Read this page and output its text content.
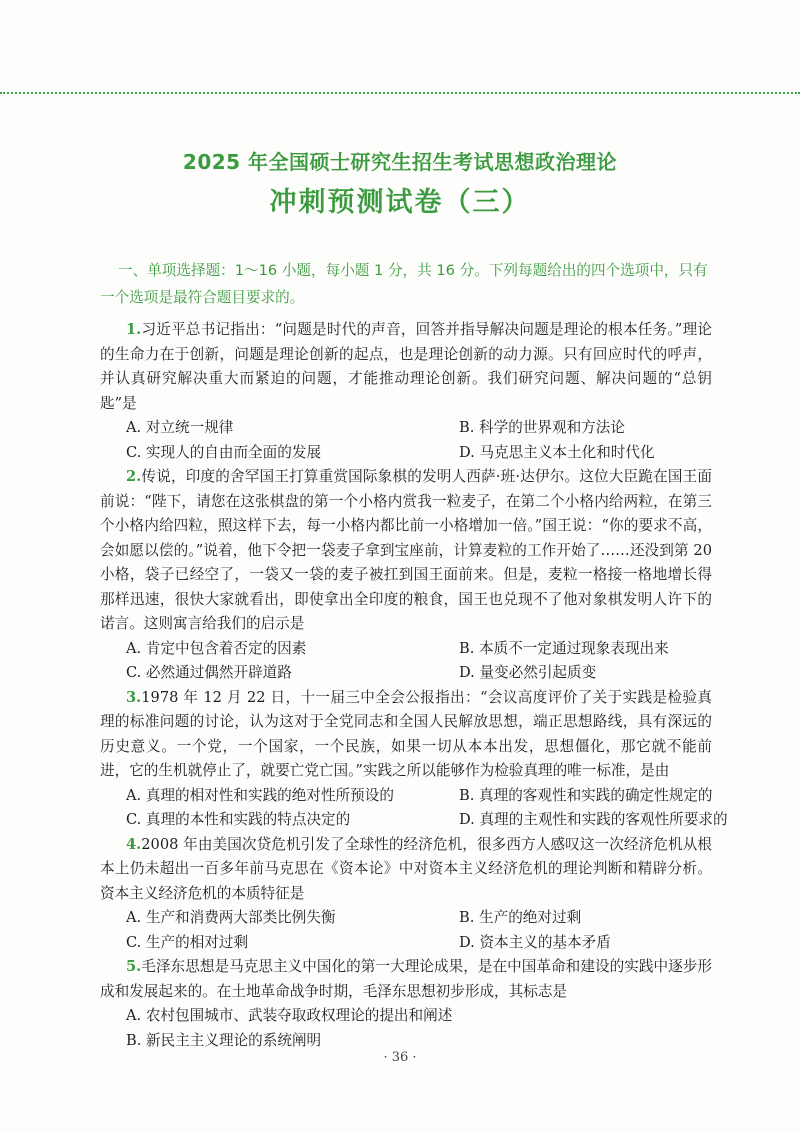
2025 年全国硕士研究生招生考试思想政治理论
冲刺预测试卷（三）
一、单项选择题：1～16 小题，每小题 1 分，共 16 分。下列每题给出的四个选项中，只有一个选项是最符合题目要求的。

1.习近平总书记指出：“问题是时代的声音，回答并指导解决问题是理论的根本任务。”理论的生命力在于创新，问题是理论创新的起点，也是理论创新的动力源。只有回应时代的呼声，并认真研究解决重大而紧迫的问题，才能推动理论创新。我们研究问题、解决问题的“总钥匙”是

A. 对立统一规律	B. 科学的世界观和方法论
C. 实现人的自由而全面的发展	D. 马克思主义本土化和时代化

2.传说，印度的舍罕国王打算重赏国际象棋的发明人西萨·班·达伊尔。这位大臣跪在国王面前说：“陛下，请您在这张棋盘的第一个小格内赏我一粒麦子，在第二个小格内给两粒，在第三个小格内给四粒，照这样下去，每一小格内都比前一小格增加一倍。”国王说：“你的要求不高，会如愿以偿的。”说着，他下令把一袋麦子拿到宝座前，计算麦粒的工作开始了……还没到第 20 小格，袋子已经空了，一袋又一袋的麦子被扛到国王面前来。但是，麦粒一格接一格地增长得那样迅速，很快大家就看出，即使拿出全印度的粮食，国王也兑现不了他对象棋发明人许下的诺言。这则寓言给我们的启示是

A. 肯定中包含着否定的因素	B. 本质不一定通过现象表现出来
C. 必然通过偶然开辟道路	D. 量变必然引起质变

3.1978 年 12 月 22 日，十一届三中全会公报指出：“会议高度评价了关于实践是检验真理的标准问题的讨论，认为这对于全党同志和全国人民解放思想，端正思想路线，具有深远的历史意义。一个党，一个国家，一个民族，如果一切从本本出发，思想僵化，那它就不能前进，它的生机就停止了，就要亡党亡国。”实践之所以能够作为检验真理的唯一标准，是由

A. 真理的相对性和实践的绝对性所预设的	B. 真理的客观性和实践的确定性规定的
C. 真理的本性和实践的特点决定的	D. 真理的主观性和实践的客观性所要求的

4.2008 年由美国次贷危机引发了全球性的经济危机，很多西方人感叹这一次经济危机从根本上仍未超出一百多年前马克思在《资本论》中对资本主义经济危机的理论判断和精辟分析。资本主义经济危机的本质特征是

A. 生产和消费两大部类比例失衡	B. 生产的绝对过剩
C. 生产的相对过剩	D. 资本主义的基本矛盾

5.毛泽东思想是马克思主义中国化的第一大理论成果，是在中国革命和建设的实践中逐步形成和发展起来的。在土地革命战争时期，毛泽东思想初步形成，其标志是

A. 农村包围城市、武装夺取政权理论的提出和阐述
B. 新民主主义理论的系统阐明
· 36 ·
